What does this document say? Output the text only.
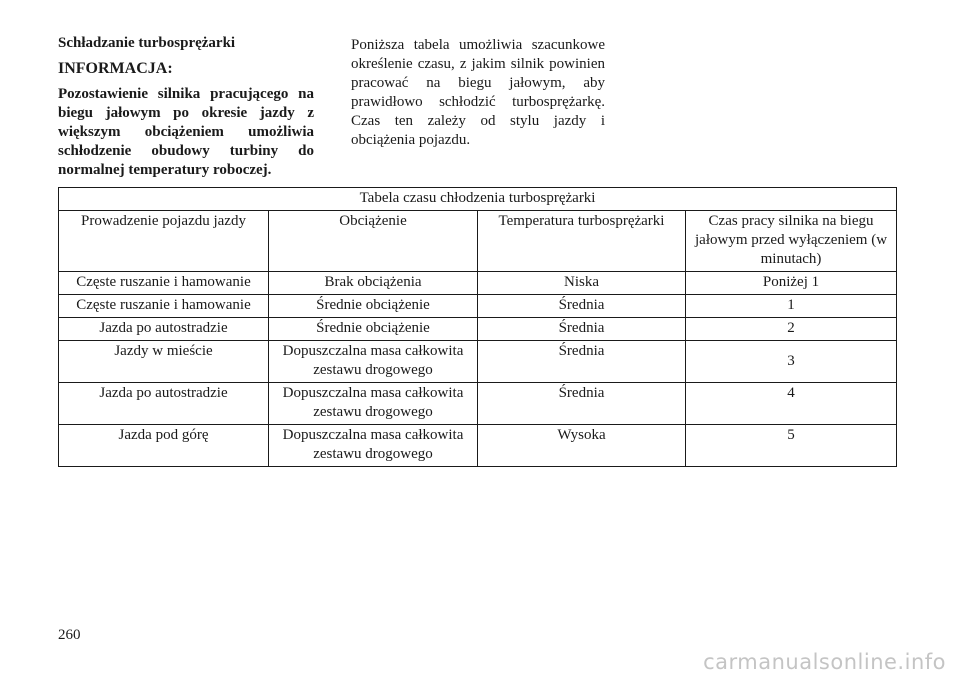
Schładzanie turbosprężarki

INFORMACJA:

Pozostawienie silnika pracującego na biegu jałowym po okresie jazdy z większym obciążeniem umożliwia schłodzenie obudowy turbiny do normalnej temperatury roboczej.

Poniższa tabela umożliwia szacunkowe określenie czasu, z jakim silnik powinien pracować na biegu jałowym, aby prawidłowo schłodzić turbosprężarkę. Czas ten zależy od stylu jazdy i obciążenia pojazdu.

Tabela czasu chłodzenia turbosprężarki			
Prowadzenie pojazdu jazdy	Obciążenie	Temperatura turbosprężarki	Czas pracy silnika na biegu jałowym przed wyłączeniem (w minutach)
Częste ruszanie i hamowanie	Brak obciążenia	Niska	Poniżej 1
Częste ruszanie i hamowanie	Średnie obciążenie	Średnia	1
Jazda po autostradzie	Średnie obciążenie	Średnia	2
Jazdy w mieście	Dopuszczalna masa całkowita zestawu drogowego	Średnia	3
Jazda po autostradzie	Dopuszczalna masa całkowita zestawu drogowego	Średnia	4
Jazda pod górę	Dopuszczalna masa całkowita zestawu drogowego	Wysoka	5
260
carmanualsonline.info
